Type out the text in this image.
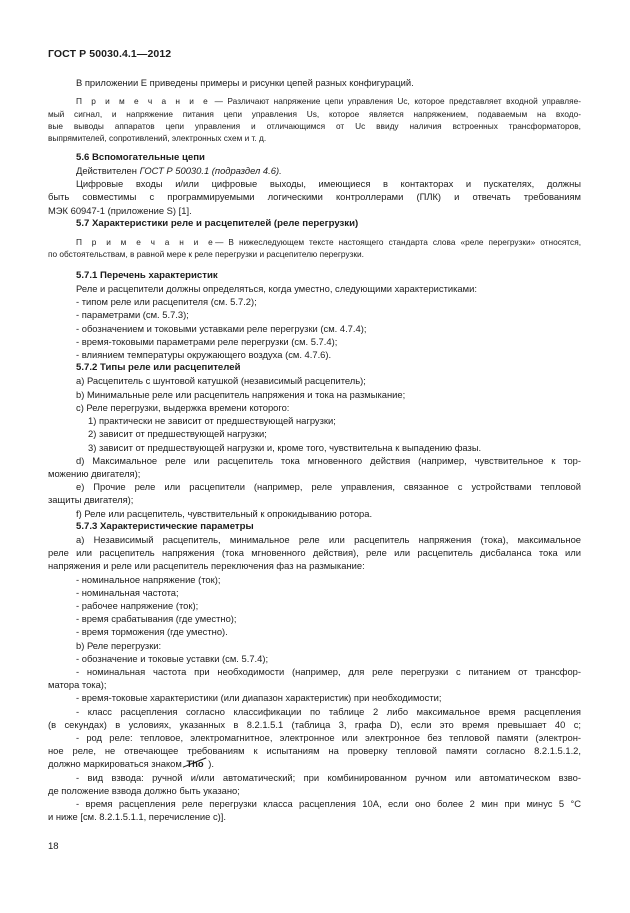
ГОСТ Р 50030.4.1—2012

В приложении Е приведены примеры и рисунки цепей разных конфигураций.

П р и м е ч а н и е — Различают напряжение цепи управления Uc, которое представляет входной управляе-

мый сигнал, и напряжение питания цепи управления Us, которое является напряжением, подаваемым на входо-

вые выводы аппаратов цепи управления и отличающимся от Uc ввиду наличия встроенных трансформаторов,

выпрямителей, сопротивлений, электронных схем и т. д.

5.6 Вспомогательные цепи

Действителен ГОСТ Р 50030.1 (подраздел 4.6).

Цифровые входы и/или цифровые выходы, имеющиеся в контакторах и пускателях, должны

быть совместимы с программируемыми логическими контроллерами (ПЛК) и отвечать требованиям

МЭК 60947-1 (приложение S) [1].

5.7 Характеристики реле и расцепителей (реле перегрузки)

П р и м е ч а н и е— В нижеследующем тексте настоящего стандарта слова «реле перегрузки» относятся,

по обстоятельствам, в равной мере к реле перегрузки и расцепителю перегрузки.

5.7.1 Перечень характеристик

Реле и расцепители должны определяться, когда уместно, следующими характеристиками:

- типом реле или расцепителя (см. 5.7.2);

- параметрами (см. 5.7.3);

- обозначением и токовыми уставками реле перегрузки (см. 4.7.4);

- время-токовыми параметрами реле перегрузки (см. 5.7.4);

- влиянием температуры окружающего воздуха (см. 4.7.6).

5.7.2 Типы реле или расцепителей

a) Расцепитель с шунтовой катушкой (независимый расцепитель);

b) Минимальные реле или расцепитель напряжения и тока на размыкание;

c) Реле перегрузки, выдержка времени которого:

1) практически не зависит от предшествующей нагрузки;

2) зависит от предшествующей нагрузки;

3) зависит от предшествующей нагрузки и, кроме того, чувствительна к выпадению фазы.

d) Максимальное реле или расцепитель тока мгновенного действия (например, чувствительное к тор-

можению двигателя);

e) Прочие реле или расцепители (например, реле управления, связанное с устройствами тепловой

защиты двигателя);

f) Реле или расцепитель, чувствительный к опрокидыванию ротора.

5.7.3 Характеристические параметры

a) Независимый расцепитель, минимальное реле или расцепитель напряжения (тока), максимальное

реле или расцепитель напряжения (тока мгновенного действия), реле или расцепитель дисбаланса тока или

напряжения и реле или расцепитель переключения фаз на размыкание:

- номинальное напряжение (ток);

- номинальная частота;

- рабочее напряжение (ток);

- время срабатывания (где уместно);

- время торможения (где уместно).

b) Реле перегрузки:

- обозначение и токовые уставки (см. 5.7.4);

- номинальная частота при необходимости (например, для реле перегрузки с питанием от трансфор-

матора тока);

- время-токовые характеристики (или диапазон характеристик) при необходимости;

- класс расцепления согласно классификации по таблице 2 либо максимальное время расцепления

(в секундах) в условиях, указанных в 8.2.1.5.1 (таблица 3, графа D), если это время превышает 40 с;

- род реле: тепловое, электромагнитное, электронное или электронное без тепловой памяти (электрон-

ное реле, не отвечающее требованиям к испытаниям на проверку тепловой памяти согласно 8.2.1.5.1.2,

должно маркироваться знаком Tho ).

- вид взвода: ручной и/или автоматический; при комбинированном ручном или автоматическом взво-

де положение взвода должно быть указано;

- время расцепления реле перегрузки класса расцепления 10А, если оно более 2 мин при минус 5 °С

и ниже [см. 8.2.1.5.1.1, перечисление с)].

18
